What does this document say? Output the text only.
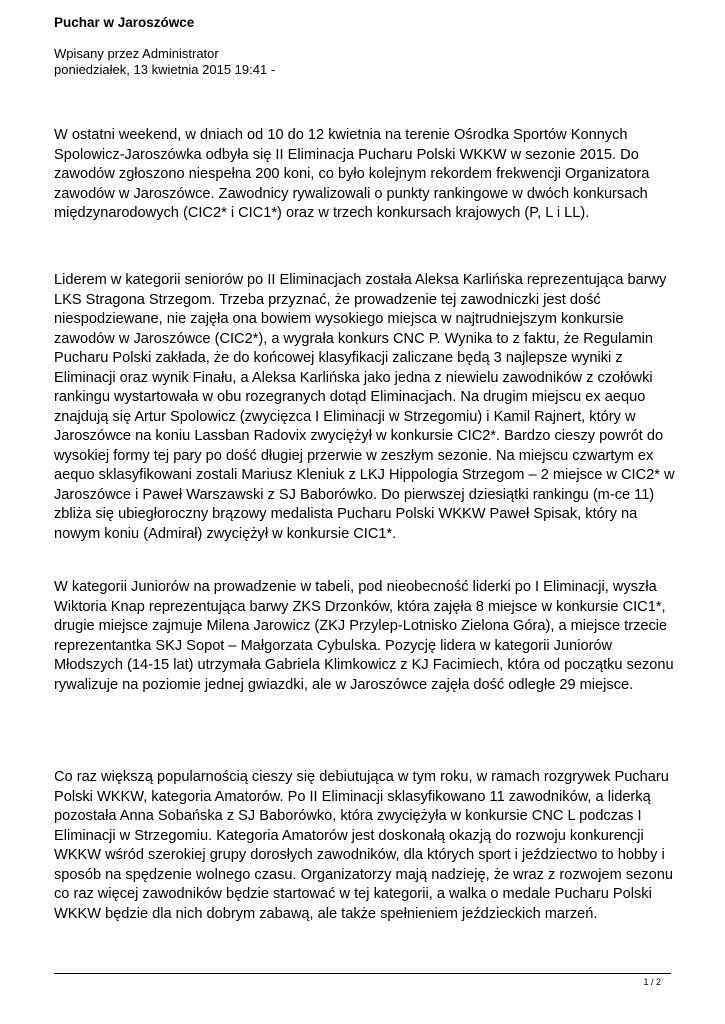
Puchar w Jaroszówce
Wpisany przez Administrator
poniedziałek, 13 kwietnia 2015 19:41 -

W ostatni weekend, w dniach od 10 do 12 kwietnia na terenie Ośrodka Sportów Konnych Spolowicz-Jaroszówka odbyła się II Eliminacja Pucharu Polski WKKW w sezonie 2015. Do zawodów zgłoszono niespełna 200 koni, co było kolejnym rekordem frekwencji Organizatora zawodów w Jaroszówce. Zawodnicy rywalizowali o punkty rankingowe w dwóch konkursach międzynarodowych (CIC2* i CIC1*) oraz w trzech konkursach krajowych (P, L i LL).

Liderem w kategorii seniorów po II Eliminacjach została Aleksa Karlińska reprezentująca barwy LKS Stragona Strzegom. Trzeba przyznać, że prowadzenie tej zawodniczki jest dość niespodziewane, nie zajęła ona bowiem wysokiego miejsca w najtrudniejszym konkursie zawodów w Jaroszówce (CIC2*), a wygrała konkurs CNC P. Wynika to z faktu, że Regulamin Pucharu Polski zakłada, że do końcowej klasyfikacji zaliczane będą 3 najlepsze wyniki z Eliminacji oraz wynik Finału, a Aleksa Karlińska jako jedna z niewielu zawodników z czołówki rankingu wystartowała w obu rozegranych dotąd Eliminacjach. Na drugim miejscu ex aequo znajdują się Artur Spolowicz (zwycięzca I Eliminacji w Strzegomiu) i Kamil Rajnert, który w Jaroszówce na koniu Lassban Radovix zwyciężył w konkursie CIC2*. Bardzo cieszy powrót do wysokiej formy tej pary po dość długiej przerwie w zeszłym sezonie. Na miejscu czwartym ex aequo sklasyfikowani zostali Mariusz Kleniuk z LKJ Hippologia Strzegom – 2 miejsce w CIC2* w Jaroszówce i Paweł Warszawski z SJ Baborówko. Do pierwszej dziesiątki rankingu (m-ce 11) zbliża się ubiegłoroczny brązowy medalista Pucharu Polski WKKW Paweł Spisak, który na nowym koniu (Admirał) zwyciężył w konkursie CIC1*.

W kategorii Juniorów na prowadzenie w tabeli, pod nieobecność liderki po I Eliminacji, wyszła Wiktoria Knap reprezentująca barwy ZKS Drzonków, która zajęła 8 miejsce w konkursie CIC1*, drugie miejsce zajmuje Milena Jarowicz (ZKJ Przylep-Lotnisko Zielona Góra), a miejsce trzecie reprezentantka SKJ Sopot – Małgorzata Cybulska. Pozycję lidera w kategorii Juniorów Młodszych (14-15 lat) utrzymała Gabriela Klimkowicz z KJ Facimiech, która od początku sezonu rywalizuje na poziomie jednej gwiazdki, ale w Jaroszówce zajęła dość odległe 29 miejsce.

Co raz większą popularnością cieszy się debiutująca w tym roku, w ramach rozgrywek Pucharu Polski WKKW, kategoria Amatorów. Po II Eliminacji sklasyfikowano 11 zawodników, a liderką pozostała Anna Sobańska z SJ Baborówko, która zwyciężyła w konkursie CNC L podczas I Eliminacji w Strzegomiu. Kategoria Amatorów jest doskonałą okazją do rozwoju konkurencji WKKW wśród szerokiej grupy dorosłych zawodników, dla których sport i jeździectwo to hobby i sposób na spędzenie wolnego czasu. Organizatorzy mają nadzieję, że wraz z rozwojem sezonu co raz więcej zawodników będzie startować w tej kategorii, a walka o medale Pucharu Polski WKKW będzie dla nich dobrym zabawą, ale także spełnieniem jeździeckich marzeń.

1 / 2
